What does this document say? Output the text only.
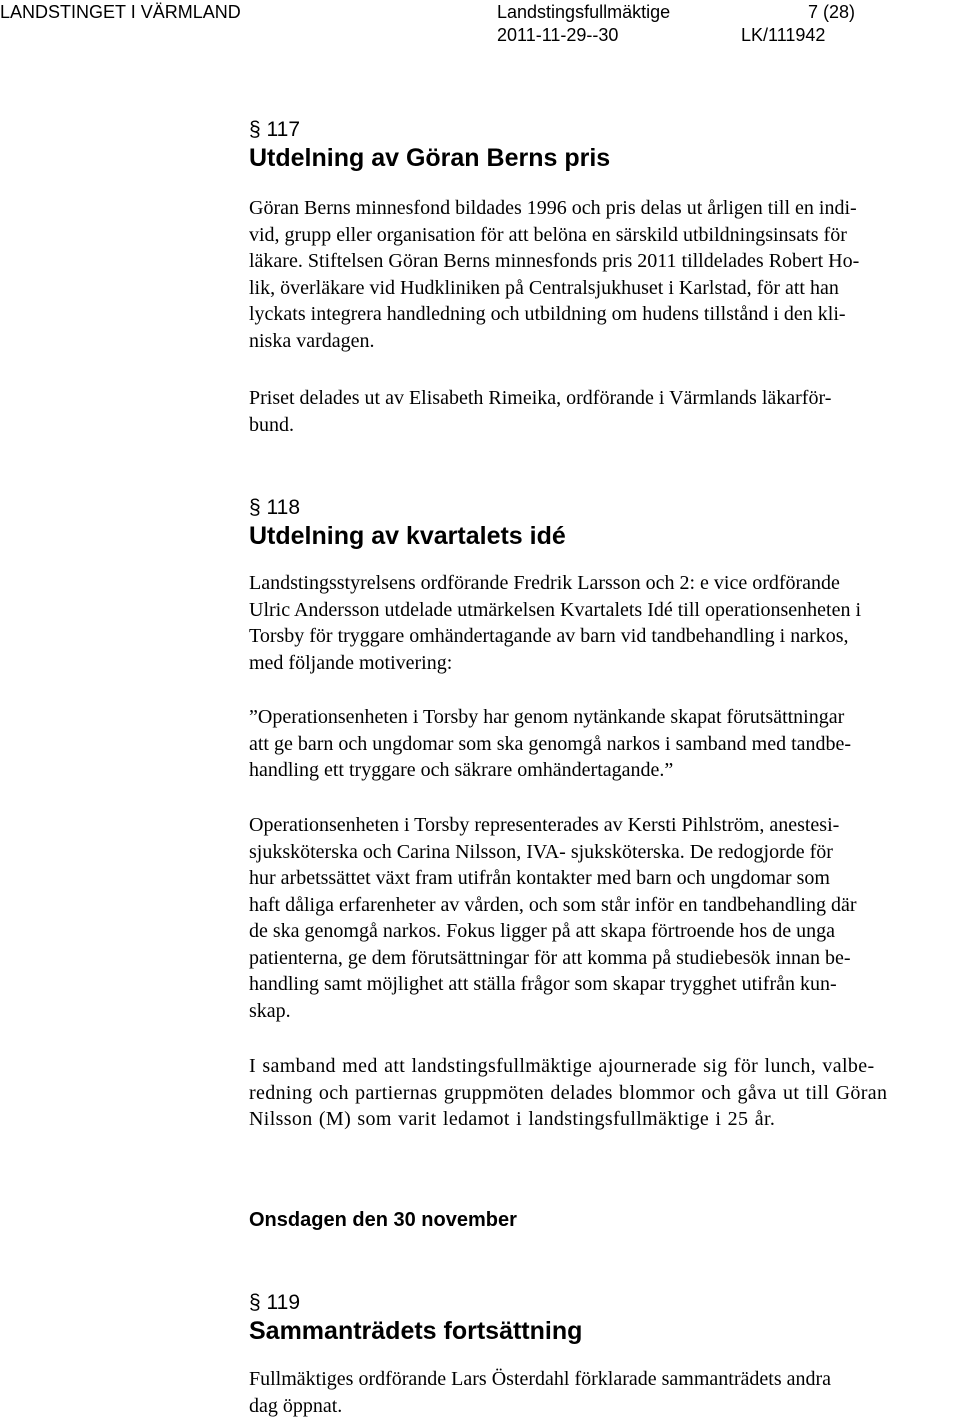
LANDSTINGET I VÄRMLAND	Landstingsfullmäktige	7 (28)
2011-11-29--30	LK/111942
§ 117
Utdelning av Göran Berns pris

Göran Berns minnesfond bildades 1996 och pris delas ut årligen till en indi-
vid, grupp eller organisation för att belöna en särskild utbildningsinsats för
läkare. Stiftelsen Göran Berns minnesfonds pris 2011 tilldelades Robert Ho-
lik, överläkare vid Hudkliniken på Centralsjukhuset i Karlstad, för att han
lyckats integrera handledning och utbildning om hudens tillstånd i den kli-
niska vardagen.

Priset delades ut av Elisabeth Rimeika, ordförande i Värmlands läkarför-
bund.

§ 118
Utdelning av kvartalets idé

Landstingsstyrelsens ordförande Fredrik Larsson och 2: e vice ordförande
Ulric Andersson utdelade utmärkelsen Kvartalets Idé till operationsenheten i
Torsby för tryggare omhändertagande av barn vid tandbehandling i narkos,
med följande motivering:

”Operationsenheten i Torsby har genom nytänkande skapat förutsättningar
att ge barn och ungdomar som ska genomgå narkos i samband med tandbe-
handling ett tryggare och säkrare omhändertagande.”

Operationsenheten i Torsby representerades av Kersti Pihlström, anestesi-
sjuksköterska och Carina Nilsson, IVA- sjuksköterska. De redogjorde för
hur arbetssättet växt fram utifrån kontakter med barn och ungdomar som
haft dåliga erfarenheter av vården, och som står inför en tandbehandling där
de ska genomgå narkos. Fokus ligger på att skapa förtroende hos de unga
patienterna, ge dem förutsättningar för att komma på studiebesök innan be-
handling samt möjlighet att ställa frågor som skapar trygghet utifrån kun-
skap.

I samband med att landstingsfullmäktige ajournerade sig för lunch, valbe-
redning och partiernas gruppmöten delades blommor och gåva ut till Göran
Nilsson (M) som varit ledamot i landstingsfullmäktige i 25 år.

Onsdagen den 30 november
§ 119
Sammanträdets fortsättning

Fullmäktiges ordförande Lars Österdahl förklarade sammanträdets andra
dag öppnat.
